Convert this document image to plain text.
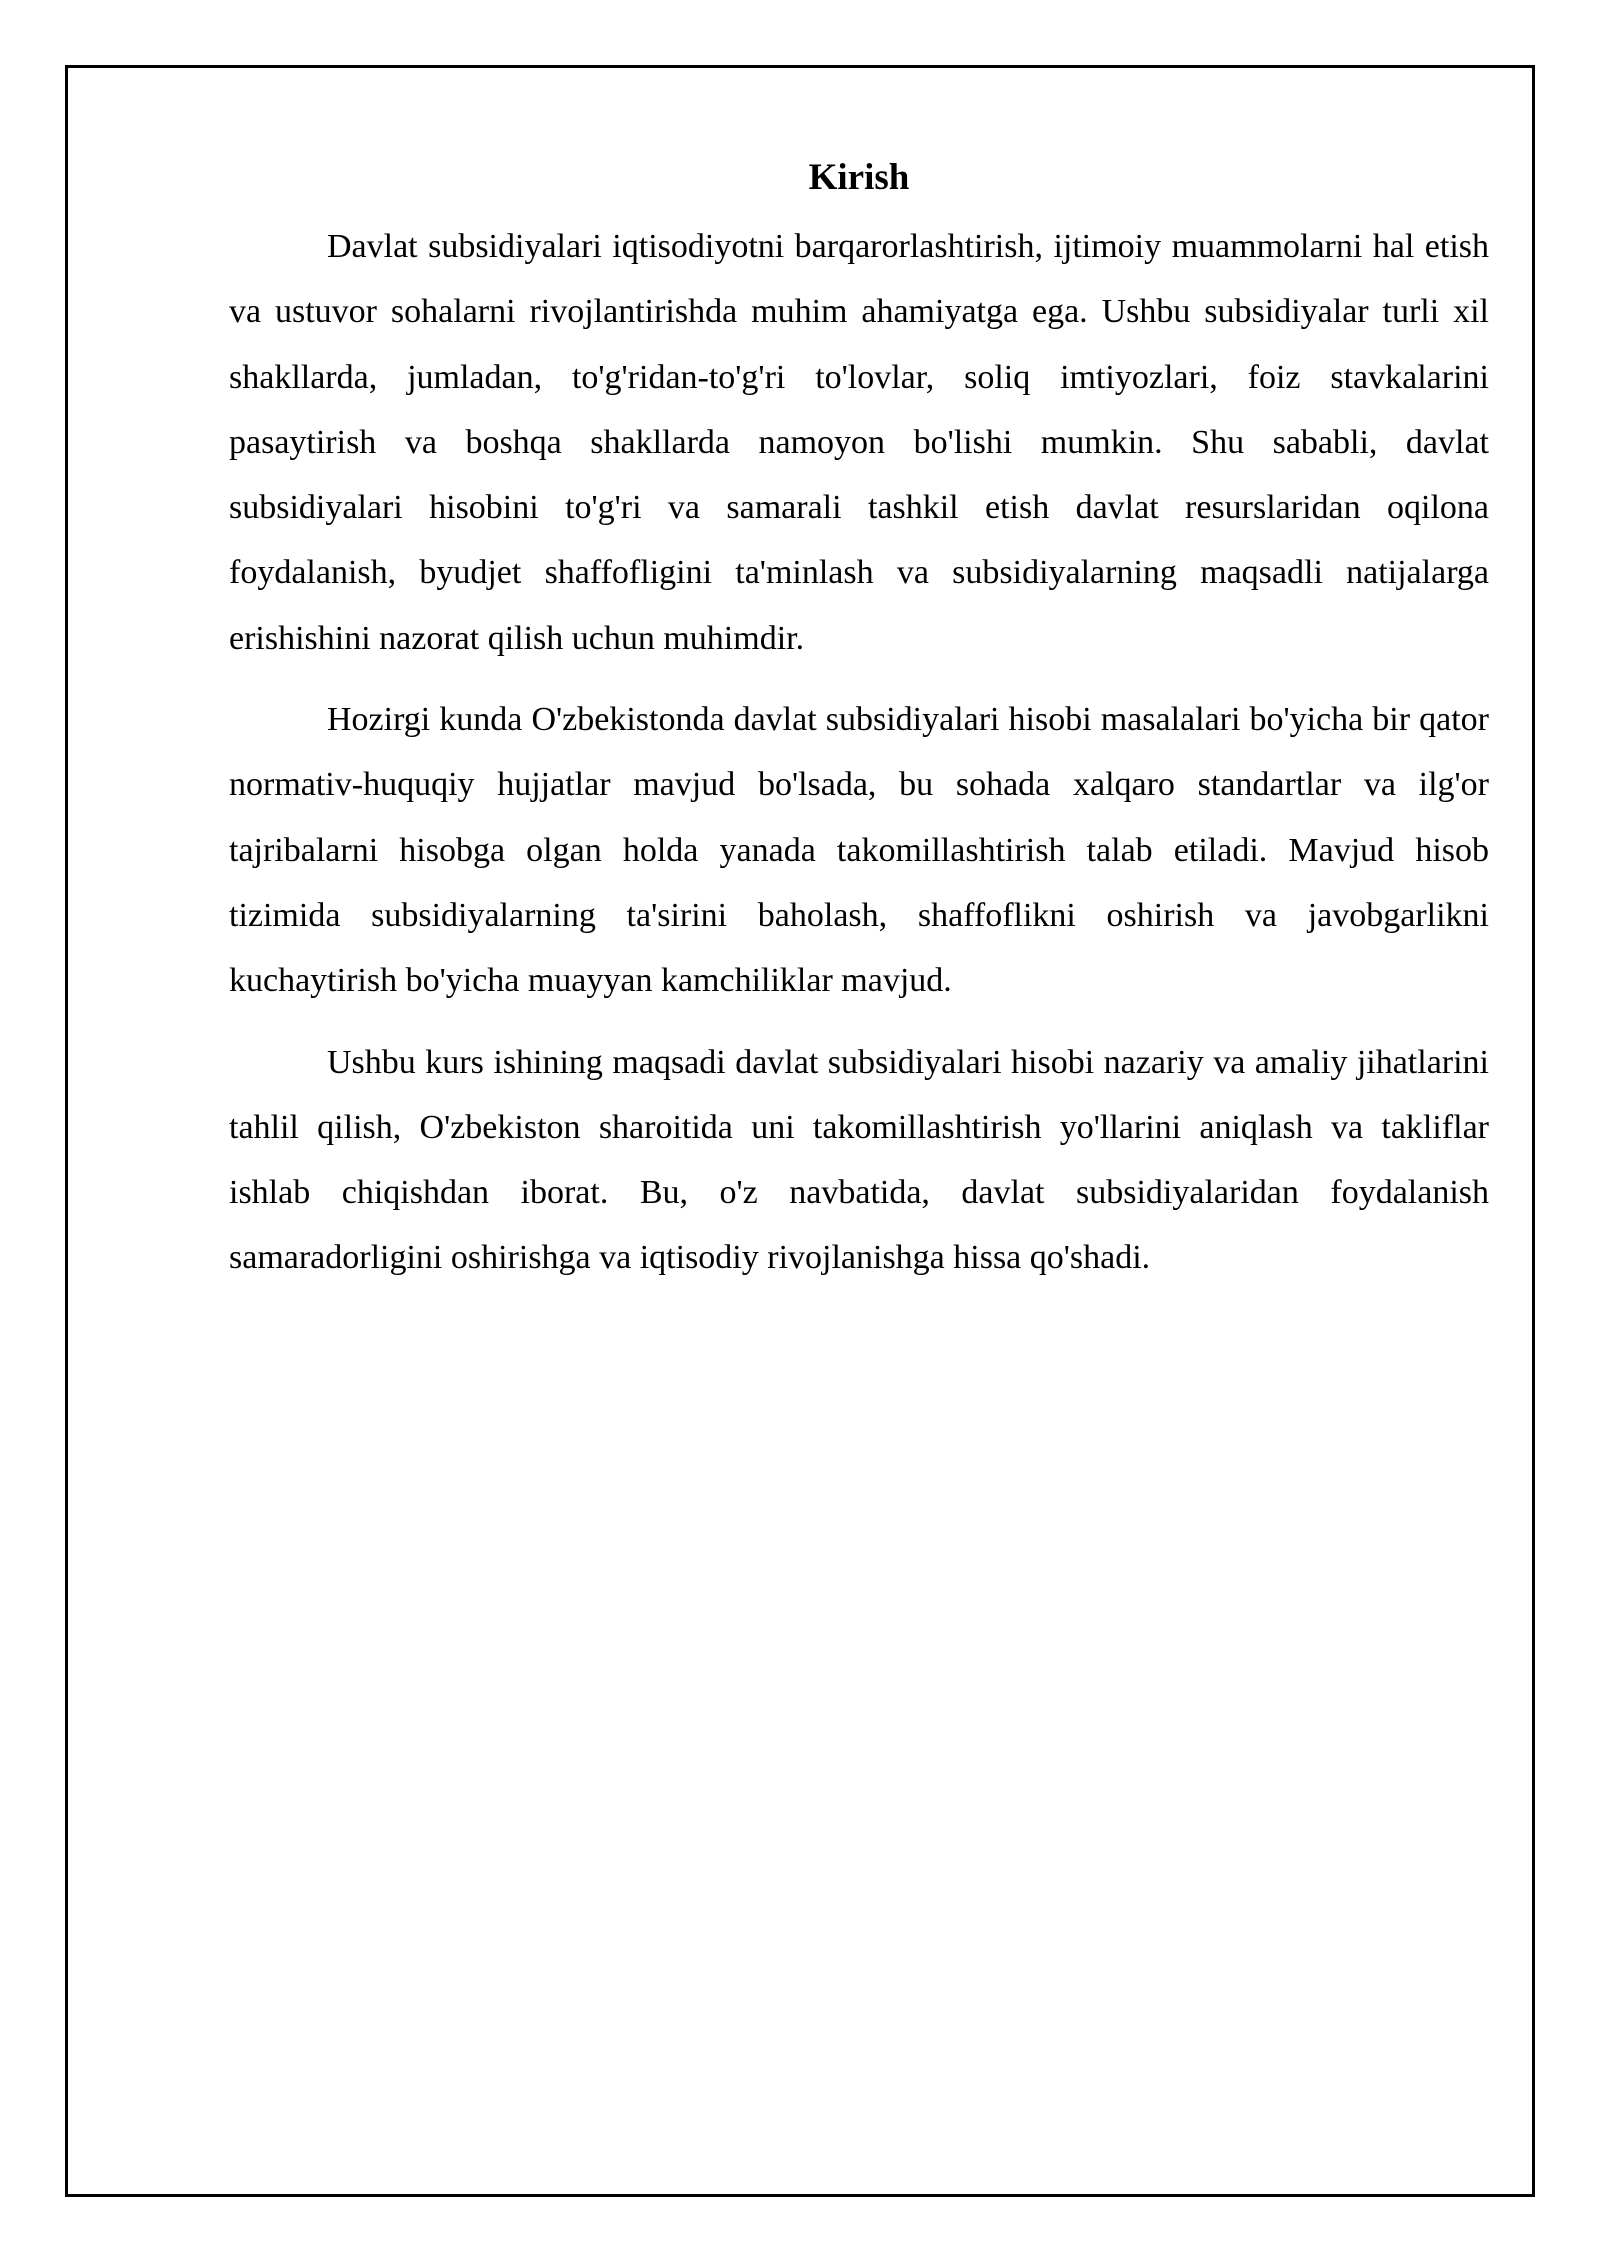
Kirish

Davlat subsidiyalari iqtisodiyotni barqarorlashtirish, ijtimoiy muammolarni hal etish va ustuvor sohalarni rivojlantirishda muhim ahamiyatga ega. Ushbu subsidiyalar turli xil shakllarda, jumladan, to'g'ridan-to'g'ri to'lovlar, soliq imtiyozlari, foiz stavkalarini pasaytirish va boshqa shakllarda namoyon bo'lishi mumkin. Shu sababli, davlat subsidiyalari hisobini to'g'ri va samarali tashkil etish davlat resurslaridan oqilona foydalanish, byudjet shaffofligini ta'minlash va subsidiyalarning maqsadli natijalarga erishishini nazorat qilish uchun muhimdir.

Hozirgi kunda O'zbekistonda davlat subsidiyalari hisobi masalalari bo'yicha bir qator normativ-huquqiy hujjatlar mavjud bo'lsada, bu sohada xalqaro standartlar va ilg'or tajribalarni hisobga olgan holda yanada takomillashtirish talab etiladi. Mavjud hisob tizimida subsidiyalarning ta'sirini baholash, shaffoflikni oshirish va javobgarlikni kuchaytirish bo'yicha muayyan kamchiliklar mavjud.

Ushbu kurs ishining maqsadi davlat subsidiyalari hisobi nazariy va amaliy jihatlarini tahlil qilish, O'zbekiston sharoitida uni takomillashtirish yo'llarini aniqlash va takliflar ishlab chiqishdan iborat. Bu, o'z navbatida, davlat subsidiyalaridan foydalanish samaradorligini oshirishga va iqtisodiy rivojlanishga hissa qo'shadi.
